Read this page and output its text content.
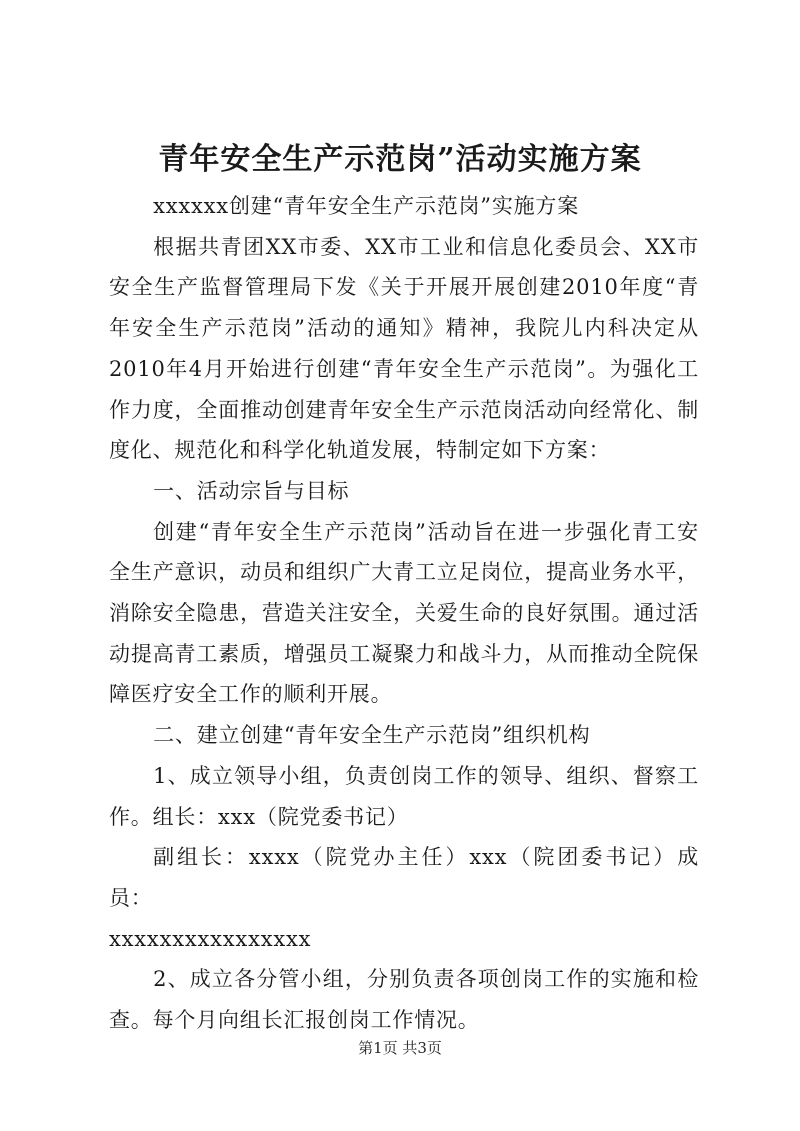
青年安全生产示范岗”活动实施方案

xxxxxx创建“青年安全生产示范岗”实施方案

根据共青团XX市委、XX市工业和信息化委员会、XX市安全生产监督管理局下发《关于开展开展创建2010年度“青年安全生产示范岗”活动的通知》精神，我院儿内科决定从2010年4月开始进行创建“青年安全生产示范岗”。为强化工作力度，全面推动创建青年安全生产示范岗活动向经常化、制度化、规范化和科学化轨道发展，特制定如下方案：

一、活动宗旨与目标

创建“青年安全生产示范岗”活动旨在进一步强化青工安全生产意识，动员和组织广大青工立足岗位，提高业务水平，消除安全隐患，营造关注安全，关爱生命的良好氛围。通过活动提高青工素质，增强员工凝聚力和战斗力，从而推动全院保障医疗安全工作的顺利开展。

二、建立创建“青年安全生产示范岗”组织机构

1、成立领导小组，负责创岗工作的领导、组织、督察工作。组长：xxx（院党委书记）

副组长：xxxx（院党办主任）xxx（院团委书记）成员：

xxxxxxxxxxxxxxxx

2、成立各分管小组，分别负责各项创岗工作的实施和检查。每个月向组长汇报创岗工作情况。

第1页 共3页
